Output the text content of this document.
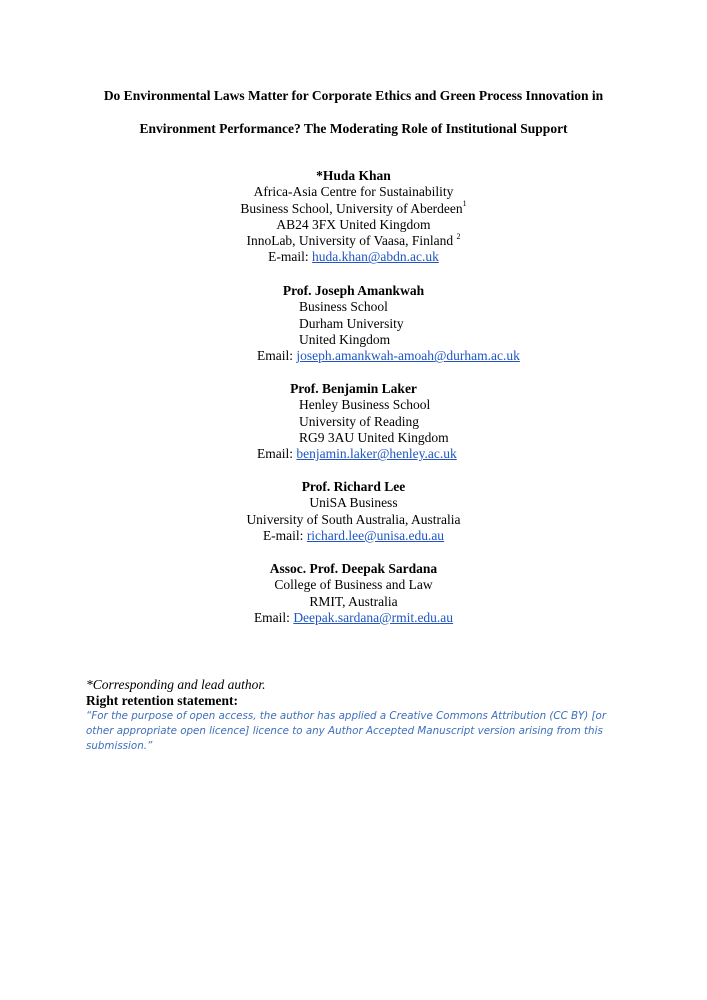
Do Environmental Laws Matter for Corporate Ethics and Green Process Innovation in
Environment Performance? The Moderating Role of Institutional Support
*Huda Khan
Africa-Asia Centre for Sustainability
Business School, University of Aberdeen$^1$
AB24 3FX United Kingdom
InnoLab, University of Vaasa, Finland $^2$
E-mail: huda.khan@abdn.ac.uk
Prof. Joseph Amankwah
Business School
Durham University
United Kingdom
Email: joseph.amankwah-amoah@durham.ac.uk
Prof. Benjamin Laker
Henley Business School
University of Reading
RG9 3AU United Kingdom
Email: benjamin.laker@henley.ac.uk
Prof. Richard Lee
UniSA Business
University of South Australia, Australia
E-mail: richard.lee@unisa.edu.au
Assoc. Prof. Deepak Sardana
College of Business and Law
RMIT, Australia
Email: Deepak.sardana@rmit.edu.au
*Corresponding and lead author.
Right retention statement:
“For the purpose of open access, the author has applied a Creative Commons Attribution (CC BY) [or other appropriate open licence] licence to any Author Accepted Manuscript version arising from this submission.”
